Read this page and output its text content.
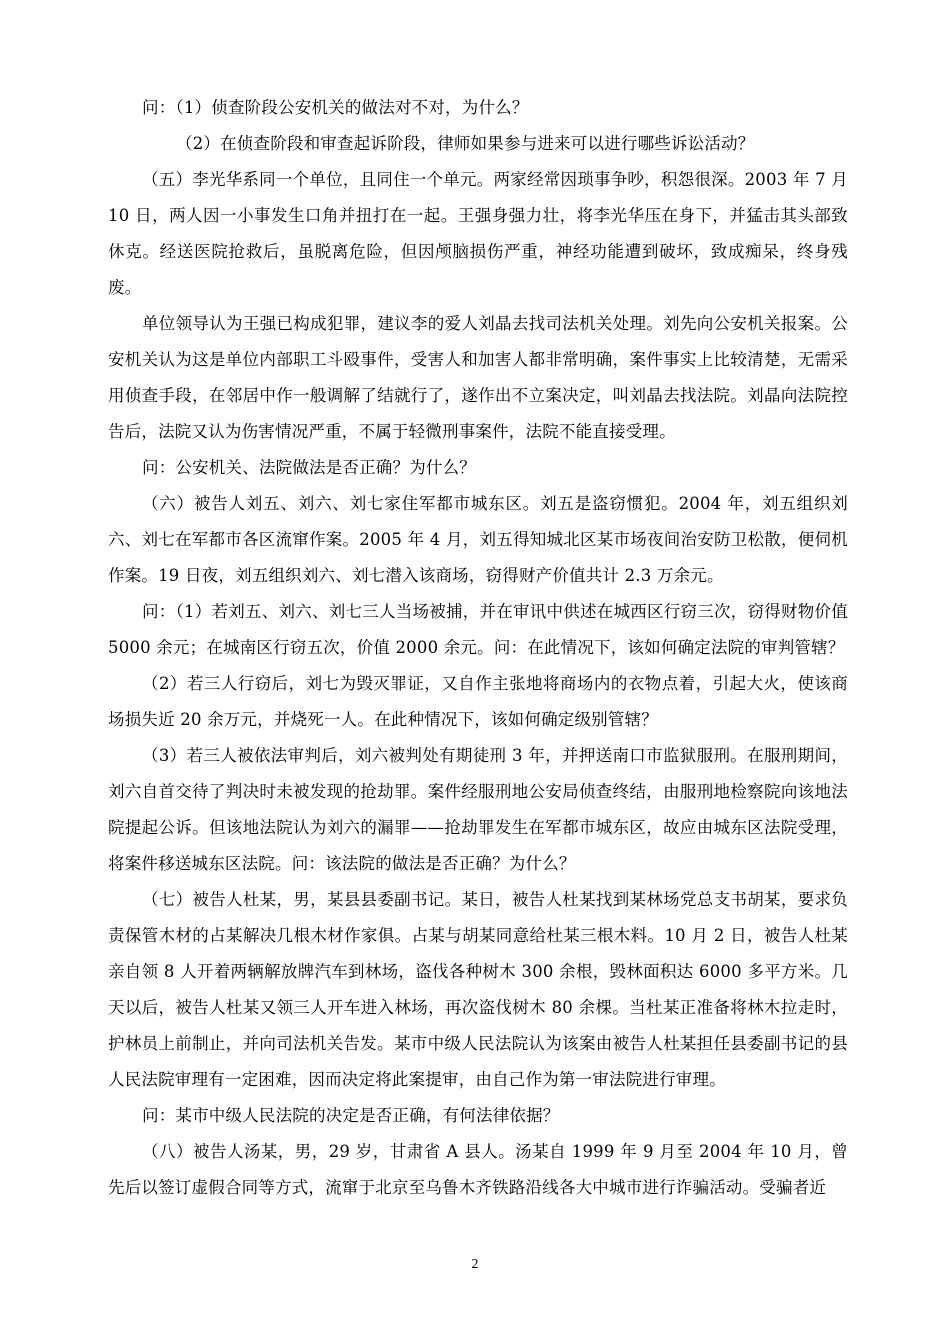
问：（1）侦查阶段公安机关的做法对不对，为什么？

（2）在侦查阶段和审查起诉阶段，律师如果参与进来可以进行哪些诉讼活动？

（五）李光华系同一个单位，且同住一个单元。两家经常因琐事争吵，积怨很深。2003 年 7 月 10 日，两人因一小事发生口角并扭打在一起。王强身强力壮，将李光华压在身下，并猛击其头部致休克。经送医院抢救后，虽脱离危险，但因颅脑损伤严重，神经功能遭到破坏，致成痴呆，终身残废。

单位领导认为王强已构成犯罪，建议李的爱人刘晶去找司法机关处理。刘先向公安机关报案。公安机关认为这是单位内部职工斗殴事件，受害人和加害人都非常明确，案件事实上比较清楚，无需采用侦查手段，在邻居中作一般调解了结就行了，遂作出不立案决定，叫刘晶去找法院。刘晶向法院控告后，法院又认为伤害情况严重，不属于轻微刑事案件，法院不能直接受理。

问：公安机关、法院做法是否正确？为什么？

（六）被告人刘五、刘六、刘七家住军都市城东区。刘五是盗窃惯犯。2004 年，刘五组织刘六、刘七在军都市各区流窜作案。2005 年 4 月，刘五得知城北区某市场夜间治安防卫松散，便伺机作案。19 日夜，刘五组织刘六、刘七潜入该商场，窃得财产价值共计 2.3 万余元。

问：（1）若刘五、刘六、刘七三人当场被捕，并在审讯中供述在城西区行窃三次，窃得财物价值 5000 余元；在城南区行窃五次，价值 2000 余元。问：在此情况下，该如何确定法院的审判管辖？

（2）若三人行窃后，刘七为毁灭罪证，又自作主张地将商场内的衣物点着，引起大火，使该商场损失近 20 余万元，并烧死一人。在此种情况下，该如何确定级别管辖？

（3）若三人被依法审判后，刘六被判处有期徒刑 3 年，并押送南口市监狱服刑。在服刑期间，刘六自首交待了判决时未被发现的抢劫罪。案件经服刑地公安局侦查终结，由服刑地检察院向该地法院提起公诉。但该地法院认为刘六的漏罪——抢劫罪发生在军都市城东区，故应由城东区法院受理，将案件移送城东区法院。问：该法院的做法是否正确？为什么？

（七）被告人杜某，男，某县县委副书记。某日，被告人杜某找到某林场党总支书胡某，要求负责保管木材的占某解决几根木材作家俱。占某与胡某同意给杜某三根木料。10 月 2 日，被告人杜某亲自领 8 人开着两辆解放牌汽车到林场，盗伐各种树木 300 余根，毁林面积达 6000 多平方米。几天以后，被告人杜某又领三人开车进入林场，再次盗伐树木 80 余棵。当杜某正准备将林木拉走时，护林员上前制止，并向司法机关告发。某市中级人民法院认为该案由被告人杜某担任县委副书记的县人民法院审理有一定困难，因而决定将此案提审，由自己作为第一审法院进行审理。

问：某市中级人民法院的决定是否正确，有何法律依据？

（八）被告人汤某，男，29 岁，甘肃省 A 县人。汤某自 1999 年 9 月至 2004 年 10 月，曾先后以签订虚假合同等方式，流窜于北京至乌鲁木齐铁路沿线各大中城市进行诈骗活动。受骗者近

2
